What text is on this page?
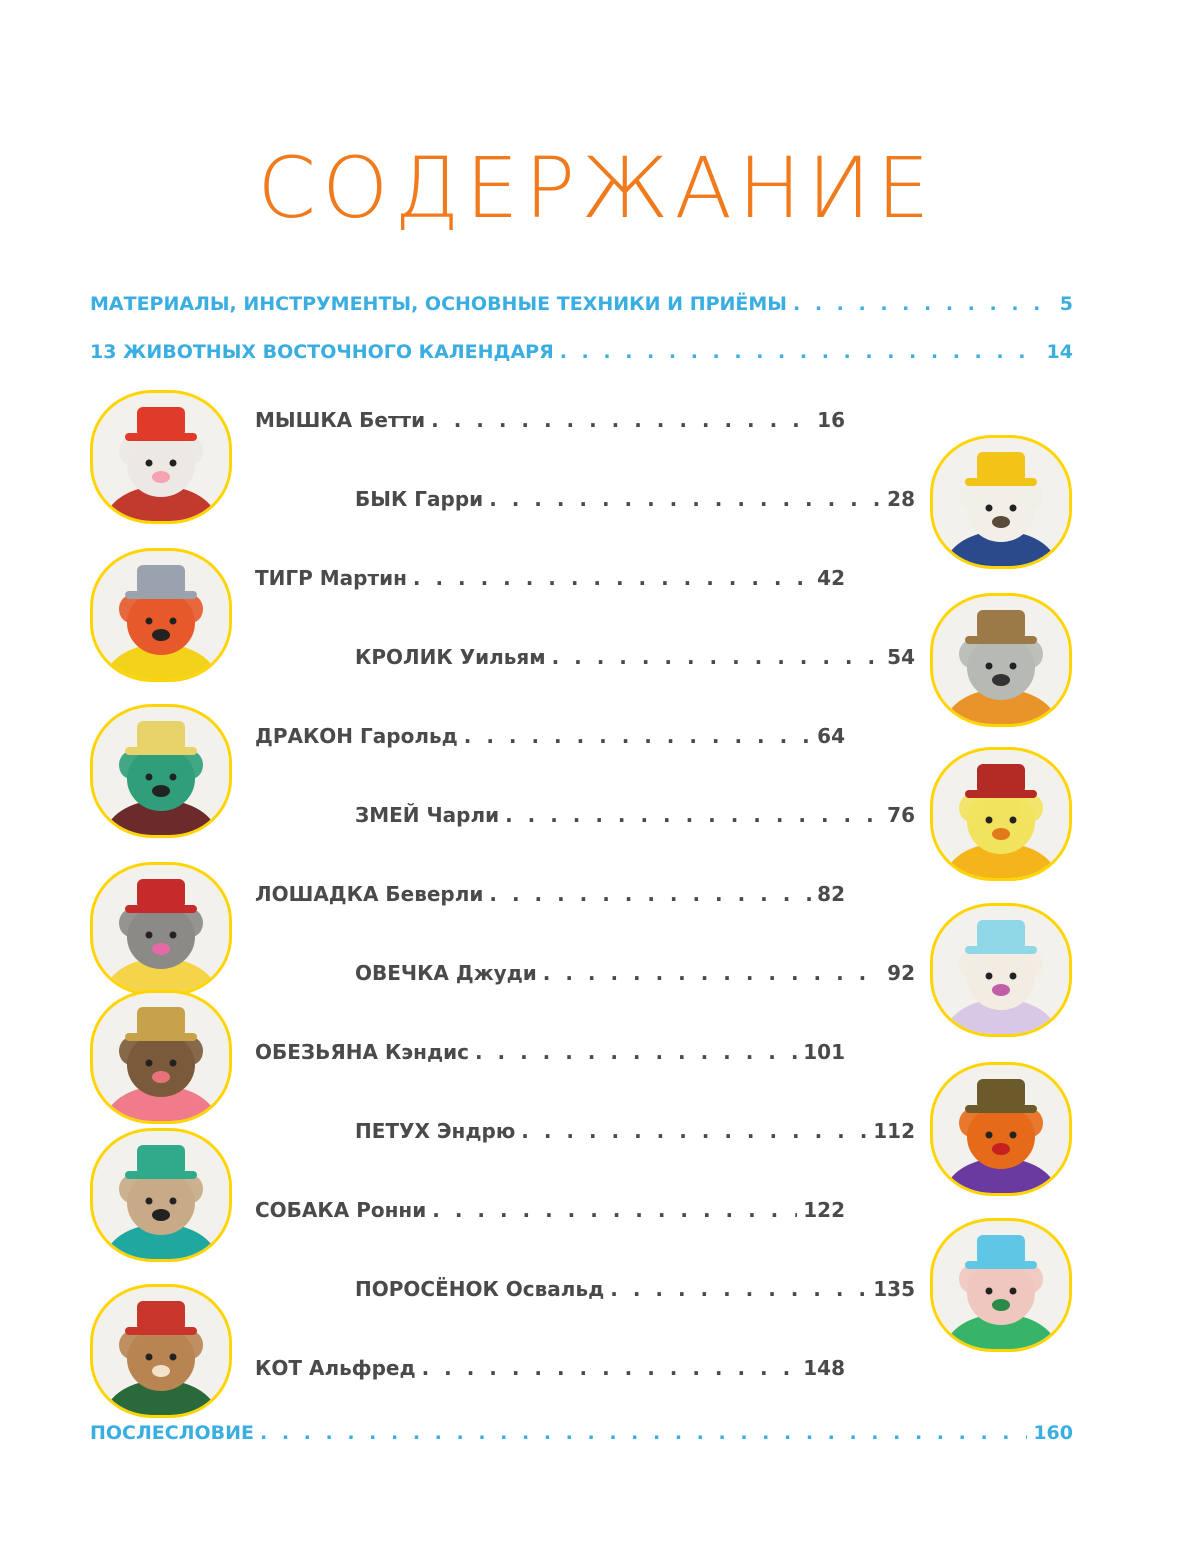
СОДЕРЖАНИЕ
МАТЕРИАЛЫ, ИНСТРУМЕНТЫ, ОСНОВНЫЕ ТЕХНИКИ И ПРИЁМЫ . . .	5
13 ЖИВОТНЫХ ВОСТОЧНОГО КАЛЕНДАРЯ . . .	14
ПОСЛЕСЛОВИЕ . . .	160
МЫШКА Бетти . . .	16
БЫК Гарри . . .	28
ТИГР Мартин . . .	42
КРОЛИК Уильям . . .	54
ДРАКОН Гарольд . . .	64
ЗМЕЙ Чарли . . .	76
ЛОШАДКА Беверли . . .	82
ОВЕЧКА Джуди . . .	92
ОБЕЗЬЯНА Кэндис . . .	101
ПЕТУХ Эндрю . . .	112
СОБАКА Ронни . . .	122
ПОРОСЁНОК Освальд . . .	135
КОТ Альфред . . .	148
